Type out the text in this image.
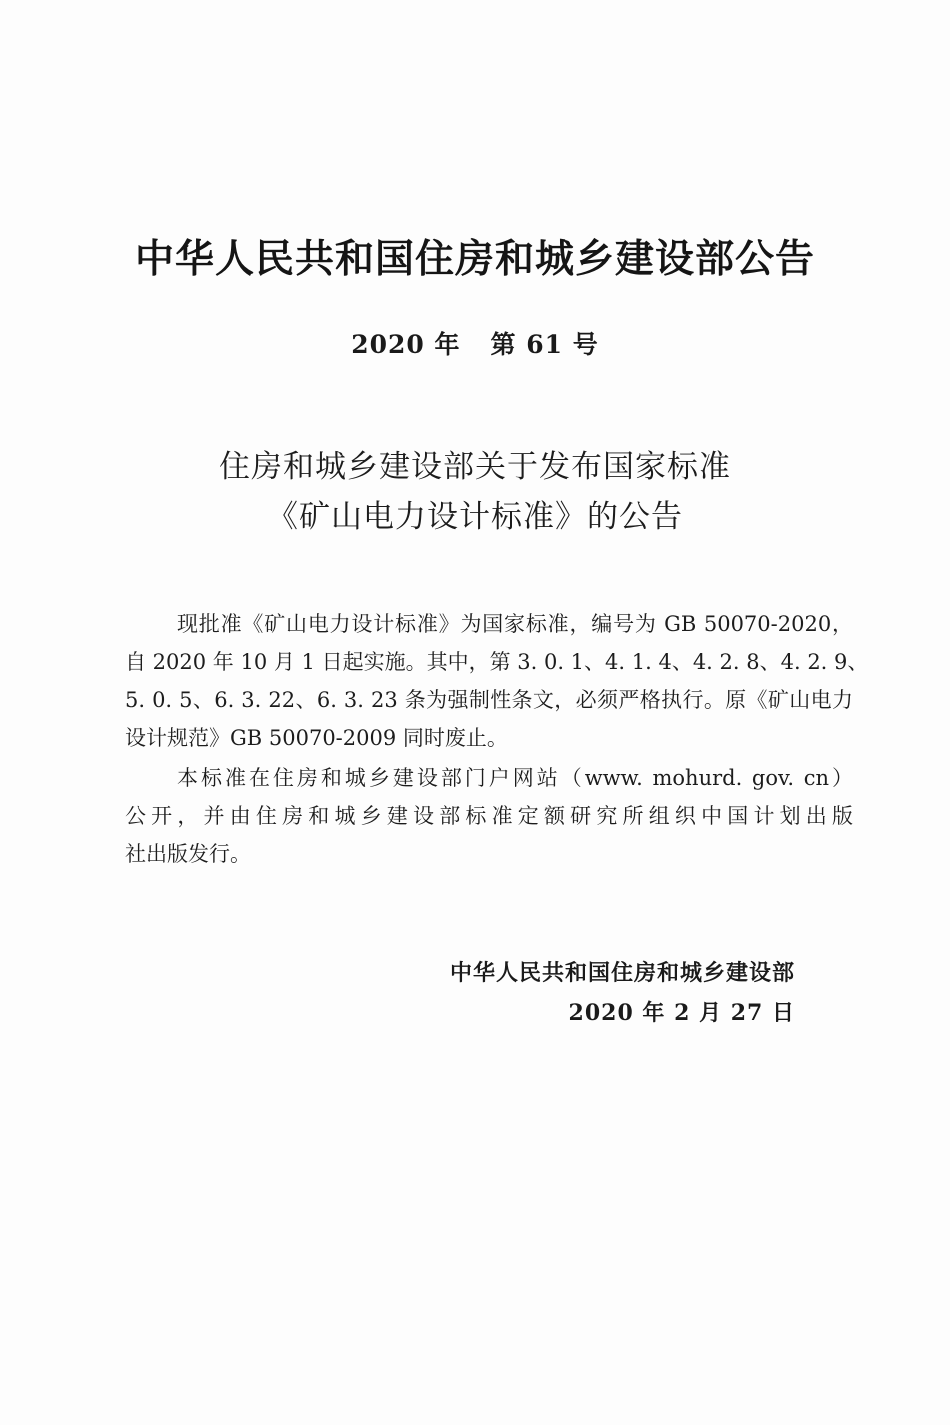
中华人民共和国住房和城乡建设部公告
2020 年 第 61 号
住房和城乡建设部关于发布国家标准
《矿山电力设计标准》的公告
现批准《矿山电力设计标准》为国家标准，编号为 GB 50070-2020，
自 2020 年 10 月 1 日起实施。其中，第 3. 0. 1、4. 1. 4、4. 2. 8、4. 2. 9、
5. 0. 5、6. 3. 22、6. 3. 23 条为强制性条文，必须严格执行。原《矿山电力
设计规范》GB 50070-2009 同时废止。
本标准在住房和城乡建设部门户网站（www. mohurd. gov. cn）
公开，并由住房和城乡建设部标准定额研究所组织中国计划出版
社出版发行。
中华人民共和国住房和城乡建设部
2020 年 2 月 27 日
